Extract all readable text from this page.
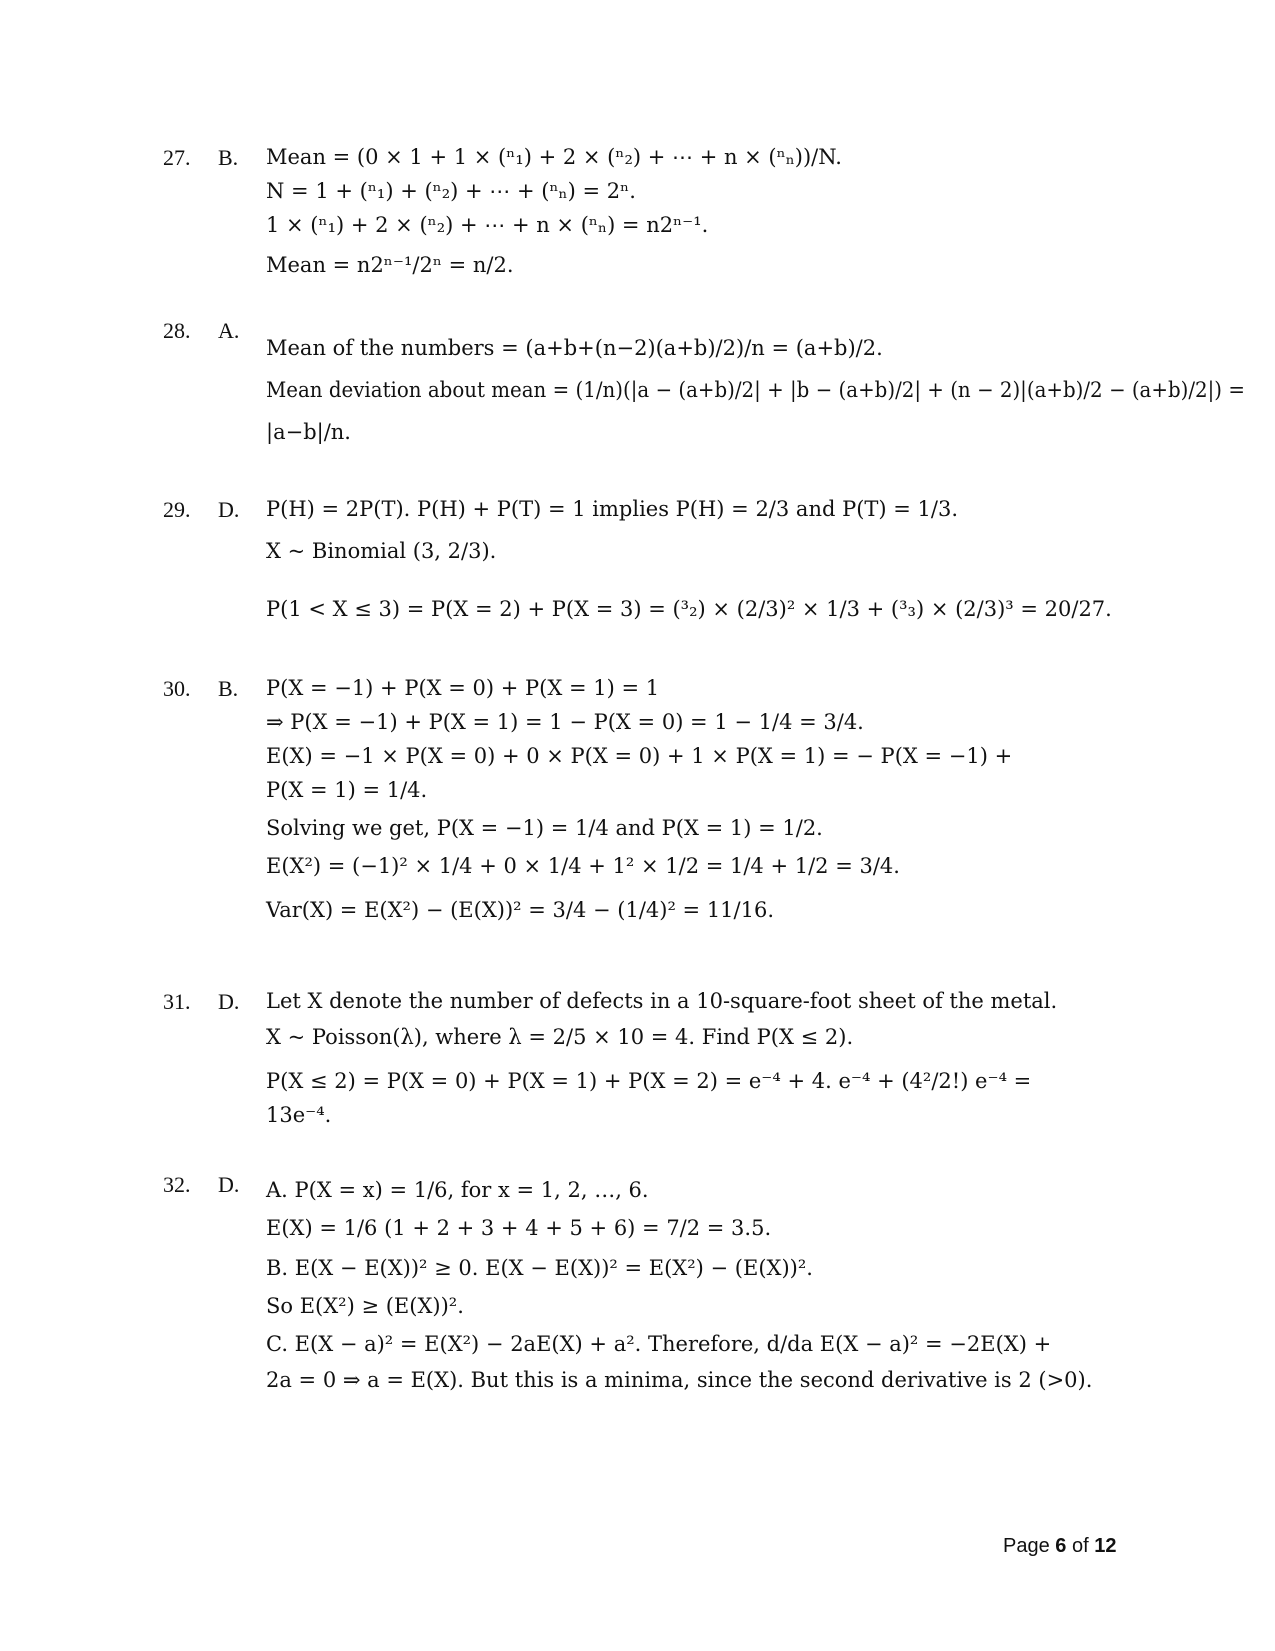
27. B. Mean = (0 × 1 + 1 × (ⁿ₁) + 2 × (ⁿ₂) + ⋯ + n × (ⁿₙ))/N.
N = 1 + (ⁿ₁) + (ⁿ₂) + ⋯ + (ⁿₙ) = 2ⁿ.
1 × (ⁿ₁) + 2 × (ⁿ₂) + ⋯ + n × (ⁿₙ) = n2ⁿ⁻¹.
Mean = n2ⁿ⁻¹/2ⁿ = n/2.
28. A.
Mean of the numbers = (a+b+(n−2)(a+b)/2)/n = (a+b)/2.
Mean deviation about mean = (1/n)(|a − (a+b)/2| + |b − (a+b)/2| + (n − 2)|(a+b)/2 − (a+b)/2|) =
|a−b|/n.
29. D. P(H) = 2P(T). P(H) + P(T) = 1 implies P(H) = 2/3 and P(T) = 1/3.
X ~ Binomial (3, 2/3).
P(1 < X ≤ 3) = P(X = 2) + P(X = 3) = (³₂) × (2/3)² × 1/3 + (³₃) × (2/3)³ = 20/27.
30. B. P(X = −1) + P(X = 0) + P(X = 1) = 1
⇒ P(X = −1) + P(X = 1) = 1 − P(X = 0) = 1 − 1/4 = 3/4.
E(X) = −1 × P(X = 0) + 0 × P(X = 0) + 1 × P(X = 1) = − P(X = −1) +
P(X = 1) = 1/4.
Solving we get, P(X = −1) = 1/4 and P(X = 1) = 1/2.
E(X²) = (−1)² × 1/4 + 0 × 1/4 + 1² × 1/2 = 1/4 + 1/2 = 3/4.
Var(X) = E(X²) − (E(X))² = 3/4 − (1/4)² = 11/16.
31. D. Let X denote the number of defects in a 10-square-foot sheet of the metal.
X ~ Poisson(λ), where λ = 2/5 × 10 = 4. Find P(X ≤ 2).
P(X ≤ 2) = P(X = 0) + P(X = 1) + P(X = 2) = e⁻⁴ + 4. e⁻⁴ + (4²/2!) e⁻⁴ =
13e⁻⁴.
32. D. A. P(X = x) = 1/6, for x = 1, 2, …, 6.
E(X) = 1/6 (1 + 2 + 3 + 4 + 5 + 6) = 7/2 = 3.5.
B. E(X − E(X))² ≥ 0. E(X − E(X))² = E(X²) − (E(X))².
So E(X²) ≥ (E(X))².
C. E(X − a)² = E(X²) − 2aE(X) + a². Therefore, d/da E(X − a)² = −2E(X) +
2a = 0 ⇒ a = E(X). But this is a minima, since the second derivative is 2 (>0).
Page 6 of 12
